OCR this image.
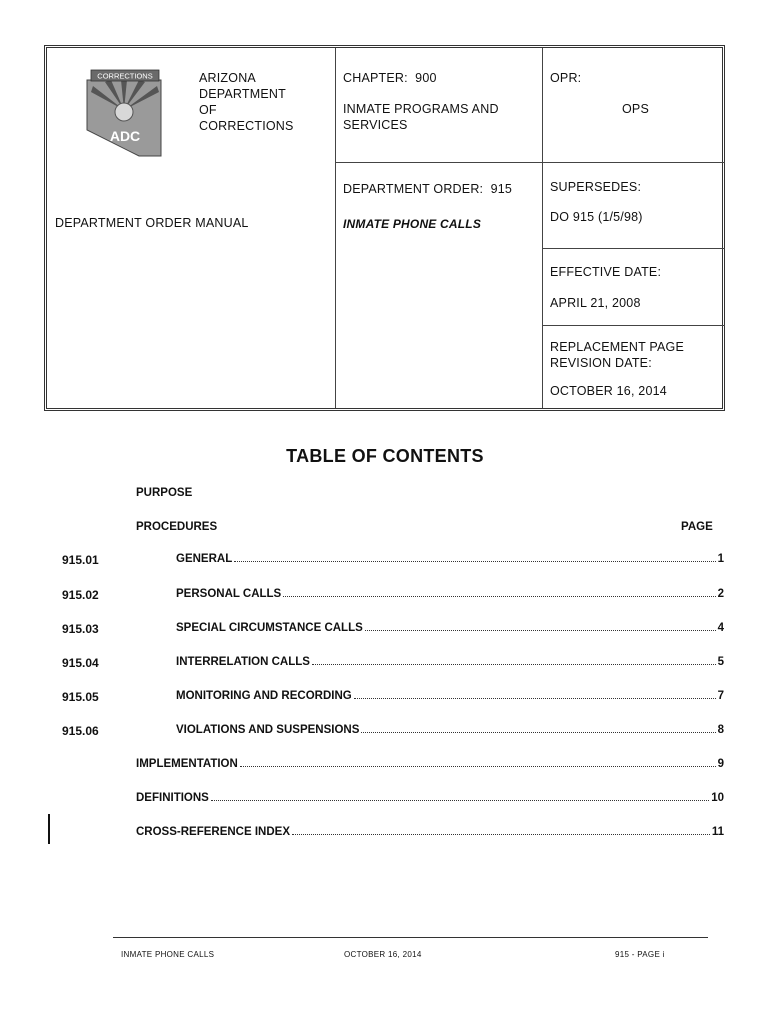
CORRECTIONS
ADC
ARIZONA
DEPARTMENT
OF
CORRECTIONS
CHAPTER: 900
INMATE PROGRAMS AND
SERVICES
OPR:
OPS
DEPARTMENT ORDER MANUAL
DEPARTMENT ORDER: 915
INMATE PHONE CALLS
SUPERSEDES:
DO 915 (1/5/98)
EFFECTIVE DATE:
APRIL 21, 2008
REPLACEMENT PAGE
REVISION DATE:
OCTOBER 16, 2014
TABLE OF CONTENTS
PURPOSE
PROCEDURES	PAGE
915.01	GENERAL	1
915.02	PERSONAL CALLS	2
915.03	SPECIAL CIRCUMSTANCE CALLS	4
915.04	INTERRELATION CALLS	5
915.05	MONITORING AND RECORDING	7
915.06	VIOLATIONS AND SUSPENSIONS	8
IMPLEMENTATION	9
DEFINITIONS	10
CROSS-REFERENCE INDEX	11
INMATE PHONE CALLS	OCTOBER 16, 2014	915 - PAGE i
